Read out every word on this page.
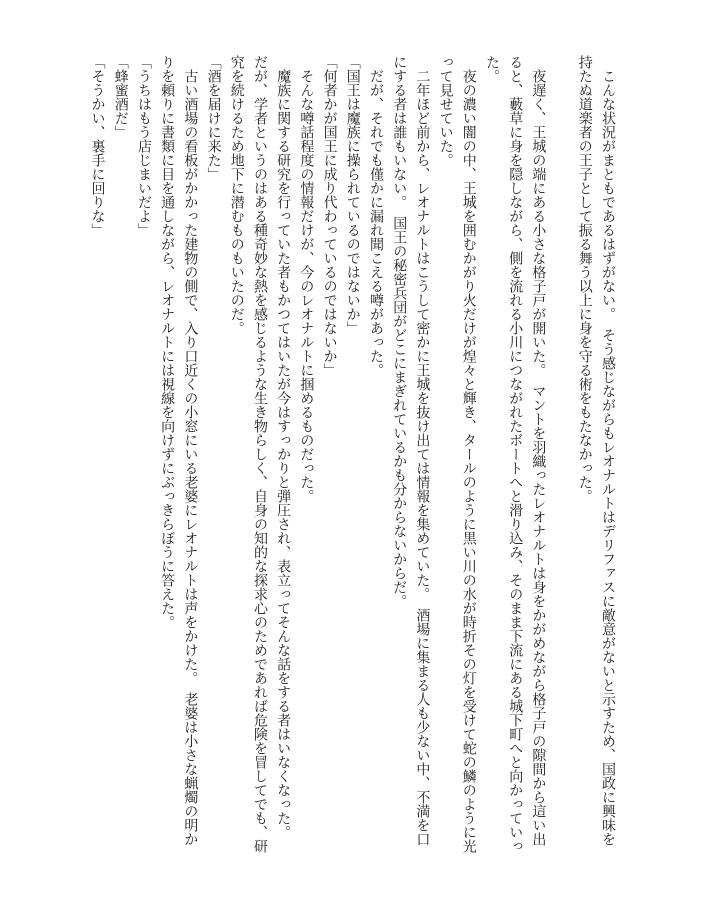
　こんな状況がまともであるはずがない。　そう感じながらもレオナルトはデリファスに敵意がないと示すため、国政に興味を持たぬ道楽者の王子として振る舞う以上に身を守る術をもたなかった。

　夜遅く、王城の端にある小さな格子戸が開いた。　マントを羽織ったレオナルトは身をかがめながら格子戸の隙間から這い出ると、藪草に身を隠しながら、側を流れる小川につながれたボートへと滑り込み、そのまま下流にある城下町へと向かっていった。

　夜の濃い闇の中、王城を囲むかがり火だけが煌々と輝き、タールのように黒い川の水が時折その灯を受けて蛇の鱗のように光って見せていた。

　二年ほど前から、レオナルトはこうして密かに王城を抜け出ては情報を集めていた。　酒場に集まる人も少ない中、不満を口にする者は誰もいない。　国王の秘密兵団がどこにまぎれているかも分からないからだ。

　だが、それでも僅かに漏れ聞こえる噂があった。

「国王は魔族に操られているのではないか」

「何者かが国王に成り代わっているのではないか」

　そんな噂話程度の情報だけが、今のレオナルトに掴めるものだった。

　魔族に関する研究を行っていた者もかつてはいたが今はすっかりと弾圧され、表立ってそんな話をする者はいなくなった。　だが、学者というのはある種奇妙な熱を感じるような生き物らしく、自身の知的な探求心のためであれば危険を冒してでも、研究を続けるため地下に潜むものもいたのだ。

「酒を届けに来た」

　古い酒場の看板がかかった建物の側で、入り口近くの小窓にいる老婆にレオナルトは声をかけた。　老婆は小さな蝋燭の明かりを頼りに書類に目を通しながら、レオナルトには視線を向けずにぶっきらぼうに答えた。

「うちはもう店じまいだよ」

「蜂蜜酒だ」

「そうかい、裏手に回りな」
